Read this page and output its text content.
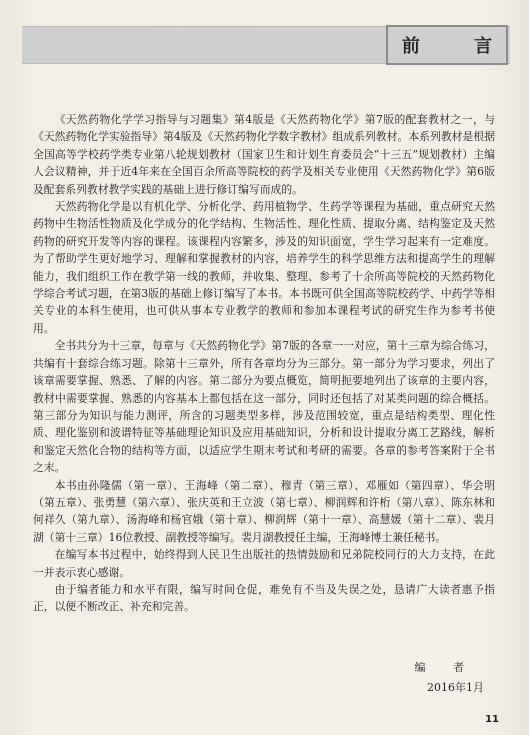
前 言

《天然药物化学学习指导与习题集》第4版是《天然药物化学》第7版的配套教材之一，与《天然药物化学实验指导》第4版及《天然药物化学数字教材》组成系列教材。本系列教材是根据全国高等学校药学类专业第八轮规划教材（国家卫生和计划生育委员会“十三五”规划教材）主编人会议精神，并于近4年来在全国百余所高等院校的药学及相关专业使用《天然药物化学》第6版及配套系列教材教学实践的基础上进行修订编写而成的。

天然药物化学是以有机化学、分析化学、药用植物学、生药学等课程为基础，重点研究天然药物中生物活性物质及化学成分的化学结构、生物活性、理化性质、提取分离、结构鉴定及天然药物的研究开发等内容的课程。该课程内容繁多，涉及的知识面宽，学生学习起来有一定难度。为了帮助学生更好地学习、理解和掌握教材的内容，培养学生的科学思维方法和提高学生的理解能力，我们组织工作在教学第一线的教师，并收集、整理、参考了十余所高等院校的天然药物化学综合考试习题，在第3版的基础上修订编写了本书。本书既可供全国高等院校药学、中药学等相关专业的本科生使用，也可供从事本专业教学的教师和参加本课程考试的研究生作为参考书使用。

全书共分为十三章，每章与《天然药物化学》第7版的各章一一对应，第十三章为综合练习，共编有十套综合练习题。除第十三章外，所有各章均分为三部分。第一部分为学习要求，列出了该章需要掌握、熟悉、了解的内容。第二部分为要点概览，简明扼要地列出了该章的主要内容，教材中需要掌握、熟悉的内容基本上都包括在这一部分，同时还包括了对某类问题的综合概括。第三部分为知识与能力测评，所含的习题类型多样，涉及范围较宽，重点是结构类型、理化性质、理化鉴别和波谱特征等基础理论知识及应用基础知识，分析和设计提取分离工艺路线，解析和鉴定天然化合物的结构等方面，以适应学生期末考试和考研的需要。各章的参考答案附于全书之末。

本书由孙隆儒（第一章）、王海峰（第二章）、穆青（第三章）、邓雁如（第四章）、华会明（第五章）、张勇慧（第六章）、张庆英和王立波（第七章）、柳润辉和许桁（第八章）、陈东林和何祥久（第九章）、汤海峰和杨官娥（第十章）、柳润辉（第十一章）、高慧媛（第十二章）、裴月湖（第十三章）16位教授、副教授等编写。裴月湖教授任主编，王海峰博士兼任秘书。

在编写本书过程中，始终得到人民卫生出版社的热情鼓励和兄弟院校同行的大力支持，在此一并表示衷心感谢。

由于编者能力和水平有限，编写时间仓促，难免有不当及失误之处，恳请广大读者惠予指正，以便不断改正、补充和完善。

编 者
2016年1月
11
